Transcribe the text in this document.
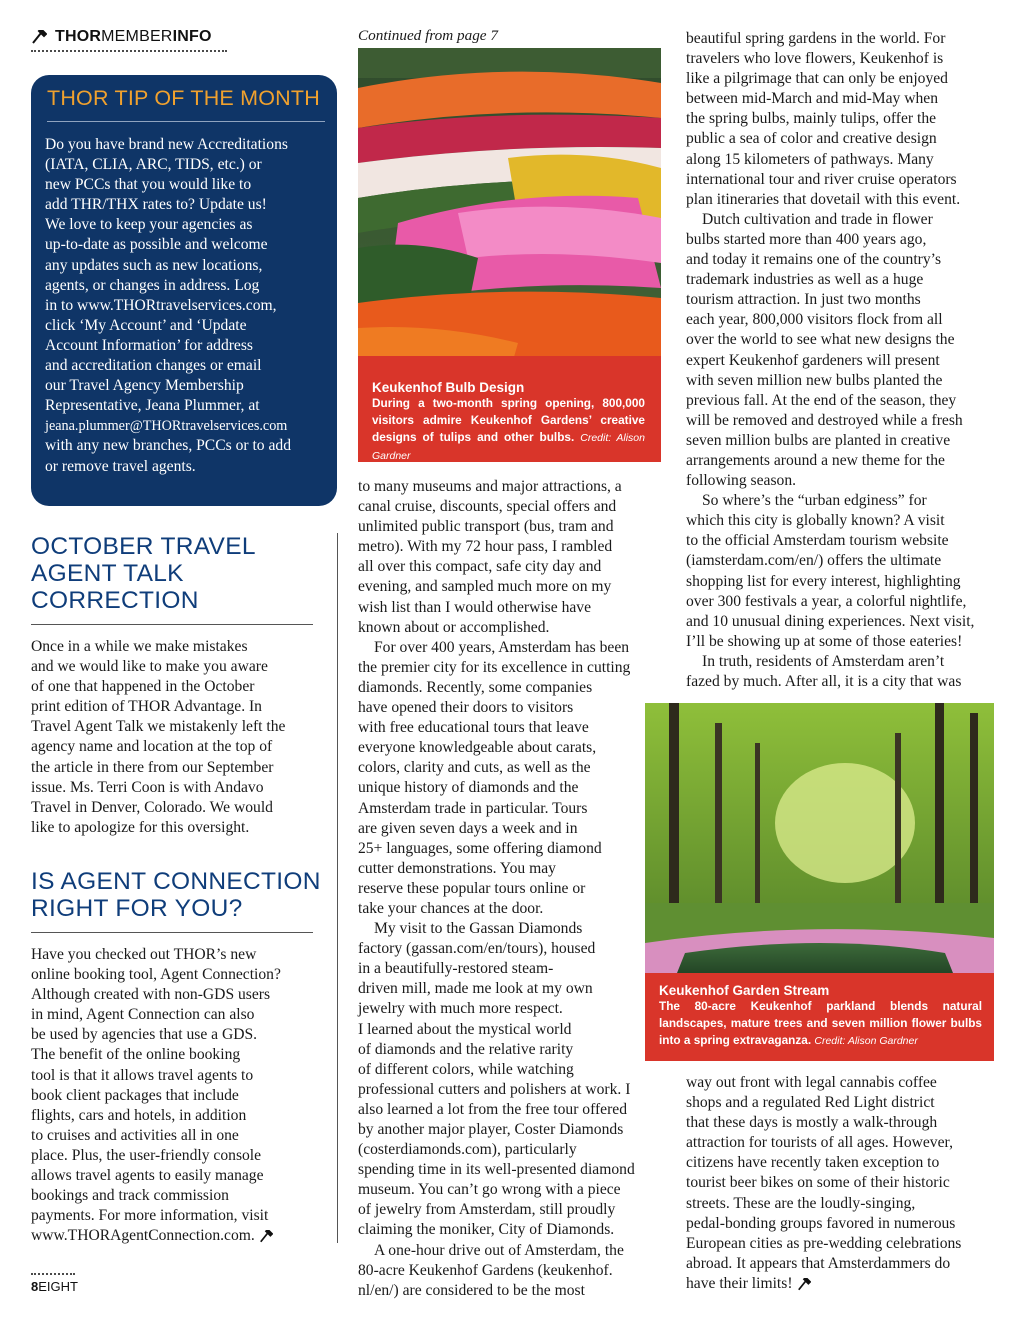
THORMEMBERINFO
THOR TIP OF THE MONTH
Do you have brand new Accreditations
(IATA, CLIA, ARC, TIDS, etc.) or
new PCCs that you would like to
add THR/THX rates to? Update us!
We love to keep your agencies as
up-to-date as possible and welcome
any updates such as new locations,
agents, or changes in address. Log
in to www.THORtravelservices.com,
click ‘My Account’ and ‘Update
Account Information’ for address
and accreditation changes or email
our Travel Agency Membership
Representative, Jeana Plummer, at
jeana.plummer@THORtravelservices.com
with any new branches, PCCs or to add
or remove travel agents.
OCTOBER TRAVEL
AGENT TALK
CORRECTION
Once in a while we make mistakes
and we would like to make you aware
of one that happened in the October
print edition of THOR Advantage. In
Travel Agent Talk we mistakenly left the
agency name and location at the top of
the article in there from our September
issue. Ms. Terri Coon is with Andavo
Travel in Denver, Colorado. We would
like to apologize for this oversight.
IS AGENT CONNECTION
RIGHT FOR YOU?
Have you checked out THOR’s new
online booking tool, Agent Connection?
Although created with non-GDS users
in mind, Agent Connection can also
be used by agencies that use a GDS.
The benefit of the online booking
tool is that it allows travel agents to
book client packages that include
flights, cars and hotels, in addition
to cruises and activities all in one
place. Plus, the user-friendly console
allows travel agents to easily manage
bookings and track commission
payments. For more information, visit
www.THORAgentConnection.com.
Continued from page 7
Keukenhof Bulb Design
During a two-month spring opening, 800,000 visitors admire Keukenhof Gardens’ creative designs of tulips and other bulbs. Credit: Alison Gardner
to many museums and major attractions, a
canal cruise, discounts, special offers and
unlimited public transport (bus, tram and
metro). With my 72 hour pass, I rambled
all over this compact, safe city day and
evening, and sampled much more on my
wish list than I would otherwise have
known about or accomplished.
For over 400 years, Amsterdam has been
the premier city for its excellence in cutting
diamonds. Recently, some companies
have opened their doors to visitors
with free educational tours that leave
everyone knowledgeable about carats,
colors, clarity and cuts, as well as the
unique history of diamonds and the
Amsterdam trade in particular. Tours
are given seven days a week and in
25+ languages, some offering diamond
cutter demonstrations. You may
reserve these popular tours online or
take your chances at the door.
My visit to the Gassan Diamonds
factory (gassan.com/en/tours), housed
in a beautifully-restored steam-
driven mill, made me look at my own
jewelry with much more respect.
I learned about the mystical world
of diamonds and the relative rarity
of different colors, while watching
professional cutters and polishers at work. I
also learned a lot from the free tour offered
by another major player, Coster Diamonds
(costerdiamonds.com), particularly
spending time in its well-presented diamond
museum. You can’t go wrong with a piece
of jewelry from Amsterdam, still proudly
claiming the moniker, City of Diamonds.
A one-hour drive out of Amsterdam, the
80-acre Keukenhof Gardens (keukenhof.
nl/en/) are considered to be the most
beautiful spring gardens in the world. For
travelers who love flowers, Keukenhof is
like a pilgrimage that can only be enjoyed
between mid-March and mid-May when
the spring bulbs, mainly tulips, offer the
public a sea of color and creative design
along 15 kilometers of pathways. Many
international tour and river cruise operators
plan itineraries that dovetail with this event.
Dutch cultivation and trade in flower
bulbs started more than 400 years ago,
and today it remains one of the country’s
trademark industries as well as a huge
tourism attraction. In just two months
each year, 800,000 visitors flock from all
over the world to see what new designs the
expert Keukenhof gardeners will present
with seven million new bulbs planted the
previous fall. At the end of the season, they
will be removed and destroyed while a fresh
seven million bulbs are planted in creative
arrangements around a new theme for the
following season.
So where’s the “urban edginess” for
which this city is globally known? A visit
to the official Amsterdam tourism website
(iamsterdam.com/en/) offers the ultimate
shopping list for every interest, highlighting
over 300 festivals a year, a colorful nightlife,
and 10 unusual dining experiences. Next visit,
I’ll be showing up at some of those eateries!
In truth, residents of Amsterdam aren’t
fazed by much. After all, it is a city that was
Keukenhof Garden Stream
The 80-acre Keukenhof parkland blends natural landscapes, mature trees and seven million flower bulbs into a spring extravaganza. Credit: Alison Gardner
way out front with legal cannabis coffee
shops and a regulated Red Light district
that these days is mostly a walk-through
attraction for tourists of all ages. However,
citizens have recently taken exception to
tourist beer bikes on some of their historic
streets. These are the loudly-singing,
pedal-bonding groups favored in numerous
European cities as pre-wedding celebrations
abroad. It appears that Amsterdammers do
have their limits!
8EIGHT
